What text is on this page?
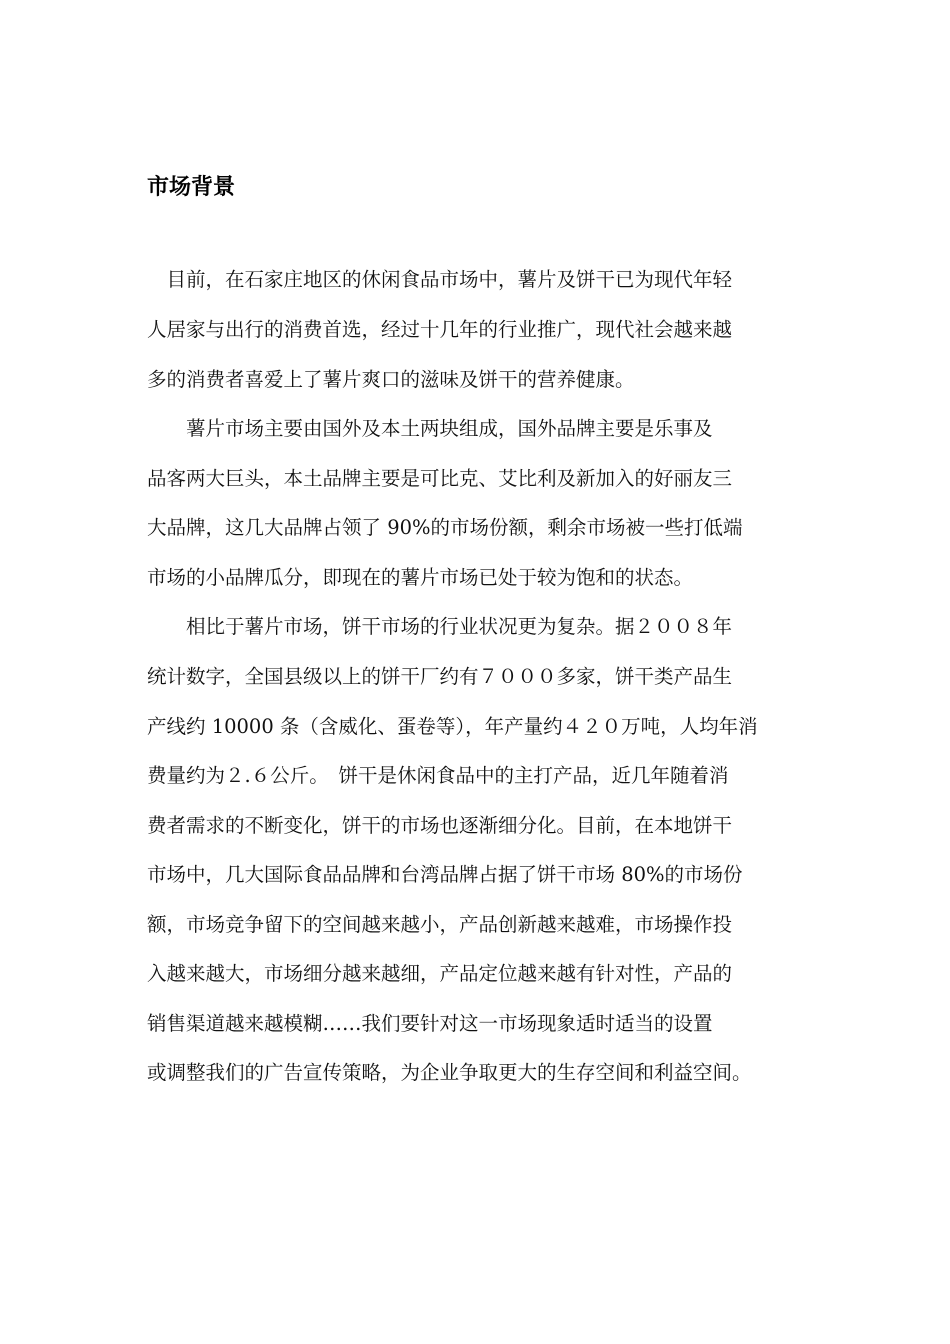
市场背景
　目前，在石家庄地区的休闲食品市场中，薯片及饼干已为现代年轻
人居家与出行的消费首选，经过十几年的行业推广，现代社会越来越
多的消费者喜爱上了薯片爽口的滋味及饼干的营养健康。
　　薯片市场主要由国外及本土两块组成，国外品牌主要是乐事及
品客两大巨头，本土品牌主要是可比克、艾比利及新加入的好丽友三
大品牌，这几大品牌占领了 90%的市场份额，剩余市场被一些打低端
市场的小品牌瓜分，即现在的薯片市场已处于较为饱和的状态。
　　相比于薯片市场，饼干市场的行业状况更为复杂。据２００８年
统计数字，全国县级以上的饼干厂约有７０００多家，饼干类产品生
产线约 10000 条（含威化、蛋卷等），年产量约４２０万吨，人均年消
费量约为２.６公斤。　饼干是休闲食品中的主打产品，近几年随着消
费者需求的不断变化，饼干的市场也逐渐细分化。目前，在本地饼干
市场中，几大国际食品品牌和台湾品牌占据了饼干市场 80%的市场份
额，市场竞争留下的空间越来越小，产品创新越来越难，市场操作投
入越来越大，市场细分越来越细，产品定位越来越有针对性，产品的
销售渠道越来越模糊……我们要针对这一市场现象适时适当的设置
或调整我们的广告宣传策略，为企业争取更大的生存空间和利益空间。
